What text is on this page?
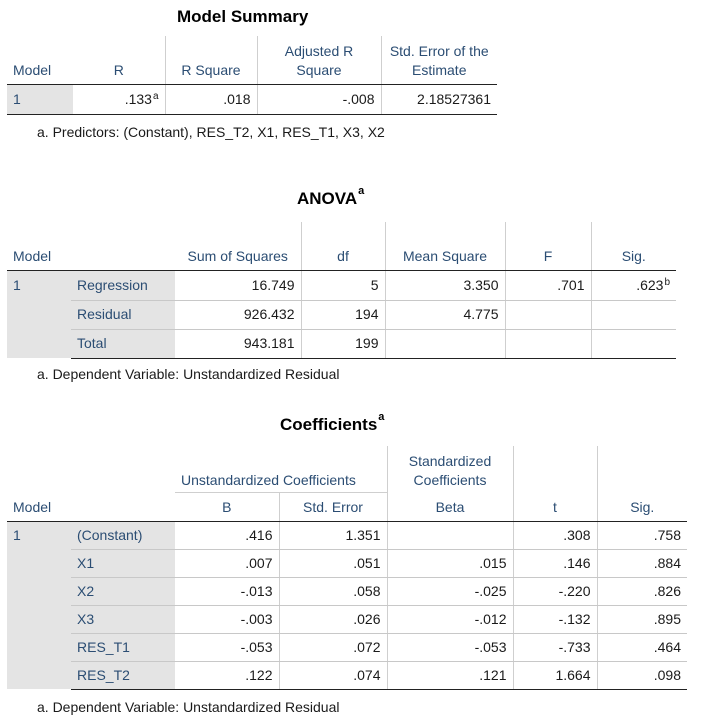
Model Summary
Model	R	R Square	Adjusted R Square	Std. Error of the Estimate
1	.133$^a$	.018	-.008	2.18527361
a. Predictors: (Constant), RES_T2, X1, RES_T1, X3, X2
ANOVA$^a$
Model		Sum of Squares	df	Mean Square	F	Sig.
1	Regression	16.749	5	3.350	.701	.623$^b$
	Residual	926.432	194	4.775		
	Total	943.181	199			
a. Dependent Variable: Unstandardized Residual
Coefficients$^a$
		Unstandardized Coefficients		Standardized Coefficients		
Model		B	Std. Error	Beta	t	Sig.
1	(Constant)	.416	1.351		.308	.758
	X1	.007	.051	.015	.146	.884
	X2	-.013	.058	-.025	-.220	.826
	X3	-.003	.026	-.012	-.132	.895
	RES_T1	-.053	.072	-.053	-.733	.464
	RES_T2	.122	.074	.121	1.664	.098
a. Dependent Variable: Unstandardized Residual
